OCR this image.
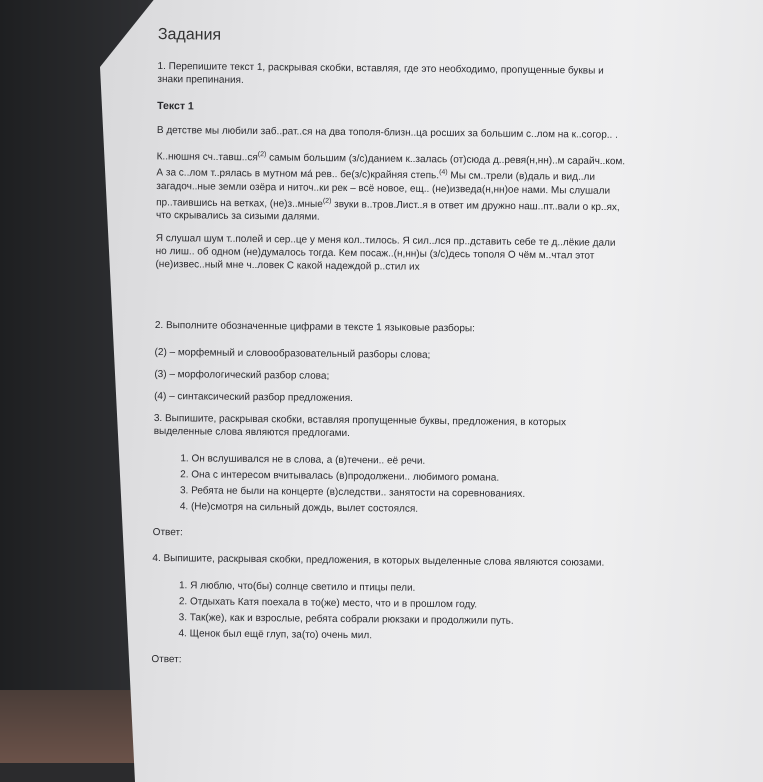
Задания
1. Перепишите текст 1, раскрывая скобки, вставляя, где это необходимо, пропущенные буквы и знаки препинания.
Текст 1
В детстве мы любили заб..рат..ся на два тополя-близн..ца росших за большим с..лом на к..согор.. .
К..нюшня $сч..тавш..ся^{(2)}$ самым большим (з/с)данием к..залась (от)сюда д..ревя(н,нн)..м сарайч..ком. А за с..лом т..рялась в мутном ма́ рев.. бе(з/с)крайняя степь.$^{(4)}$ Мы см..трели (в)даль и вид..ли загадоч..ные земли озёра и ниточ..ки рек – всё новое, ещ.. (не)изведа(н,нн)ое нами. Мы слушали пр..таившись на ветках, (не)з..мные$^{(2)}$ звуки в..тров.Лист..я в ответ им дружно наш..пт..вали о кр..ях, что скрывались за сизыми далями.
Я слушал шум т..полей и сер..це у меня кол..тилось. Я сил..лся пр..дставить себе те д..лёкие дали но лиш.. об одном (не)думалось тогда. Кем посаж..(н,нн)ы (з/с)десь тополя О чём м..чтал этот (не)извес..ный мне ч..ловек С какой надеждой р..стил их
2. Выполните обозначенные цифрами в тексте 1 языковые разборы:
(2) – морфемный и словообразовательный разборы слова;
(3) – морфологический разбор слова;
(4) – синтаксический разбор предложения.
3. Выпишите, раскрывая скобки, вставляя пропущенные буквы, предложения, в которых выделенные слова являются предлогами.
1. Он вслушивался не в слова, а (в)течени.. её речи.
2. Она с интересом вчитывалась (в)продолжени.. любимого романа.
3. Ребята не были на концерте (в)следстви.. занятости на соревнованиях.
4. (Не)смотря на сильный дождь, вылет состоялся.
Ответ:
4. Выпишите, раскрывая скобки, предложения, в которых выделенные слова являются союзами.
1. Я люблю, что(бы) солнце светило и птицы пели.
2. Отдыхать Катя поехала в то(же) место, что и в прошлом году.
3. Так(же), как и взрослые, ребята собрали рюкзаки и продолжили путь.
4. Щенок был ещё глуп, за(то) очень мил.
Ответ:
